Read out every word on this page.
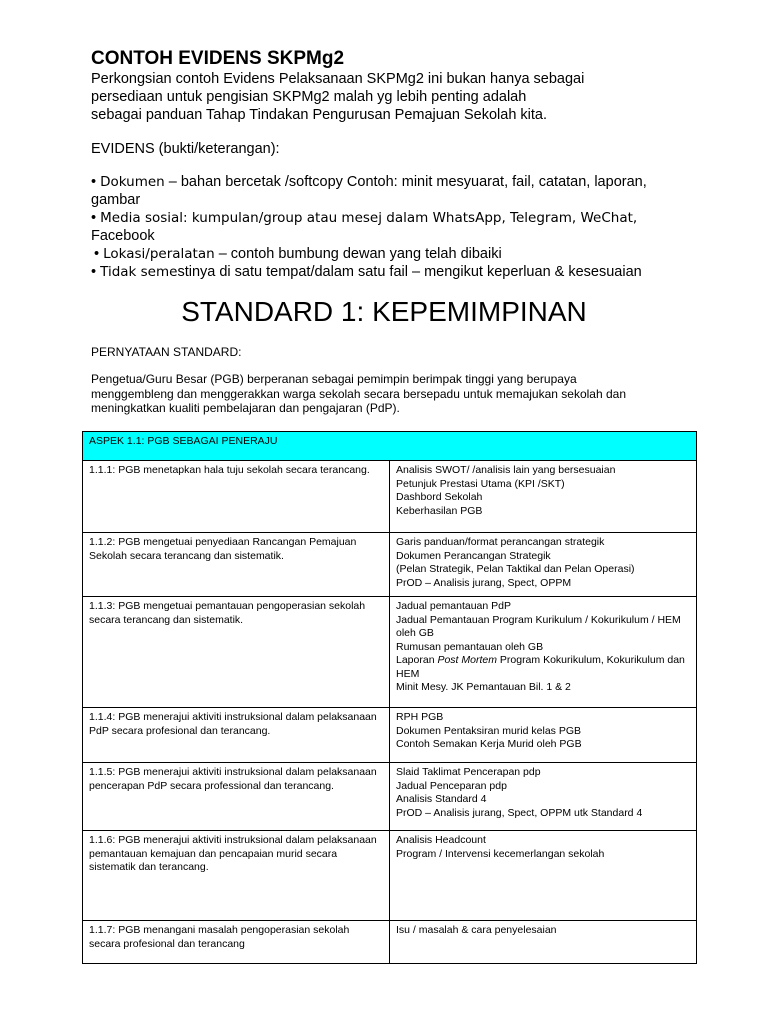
CONTOH EVIDENS SKPMg2

Perkongsian contoh Evidens Pelaksanaan SKPMg2 ini bukan hanya sebagai
persediaan untuk pengisian SKPMg2 malah yg lebih penting adalah
sebagai panduan Tahap Tindakan Pengurusan Pemajuan Sekolah kita.

EVIDENS (bukti/keterangan):

• Dokumen – bahan bercetak /softcopy Contoh: minit mesyuarat, fail, catatan, laporan,
gambar
• Media sosial: kumpulan/group atau mesej dalam WhatsApp, Telegram, WeChat,
Facebook
• Lokasi/peralatan – contoh bumbung dewan yang telah dibaiki
• Tidak semestinya di satu tempat/dalam satu fail – mengikut keperluan & kesesuaian
STANDARD 1: KEPEMIMPINAN

PERNYATAAN STANDARD:

Pengetua/Guru Besar (PGB) berperanan sebagai pemimpin berimpak tinggi yang berupaya
menggembleng dan menggerakkan warga sekolah secara bersepadu untuk memajukan sekolah dan
meningkatkan kualiti pembelajaran dan pengajaran (PdP).

ASPEK 1.1: PGB SEBAGAI PENERAJU	
1.1.1: PGB menetapkan hala tuju sekolah secara terancang.	Analisis SWOT/ /analisis lain yang bersesuaian
Petunjuk Prestasi Utama (KPI /SKT)
Dashbord Sekolah
Keberhasilan PGB

1.1.2: PGB mengetuai penyediaan Rancangan Pemajuan Sekolah secara terancang dan sistematik.	Garis panduan/format perancangan strategik
Dokumen Perancangan Strategik
(Pelan Strategik, Pelan Taktikal dan Pelan Operasi)
PrOD – Analisis jurang, Spect, OPPM

1.1.3: PGB mengetuai pemantauan pengoperasian sekolah secara terancang dan sistematik.	Jadual pemantauan PdP
Jadual Pemantauan Program Kurikulum / Kokurikulum / HEM oleh GB
Rumusan pemantauan oleh GB
Laporan Post Mortem Program Kokurikulum, Kokurikulum dan HEM
Minit Mesy. JK Pemantauan Bil. 1 & 2

1.1.4: PGB menerajui aktiviti instruksional dalam pelaksanaan PdP secara profesional dan terancang.	RPH PGB
Dokumen Pentaksiran murid kelas PGB
Contoh Semakan Kerja Murid oleh PGB

1.1.5: PGB menerajui aktiviti instruksional dalam pelaksanaan pencerapan PdP secara professional dan terancang.	Slaid Taklimat Pencerapan pdp
Jadual Penceparan pdp
Analisis Standard 4
PrOD – Analisis jurang, Spect, OPPM utk Standard 4

1.1.6: PGB menerajui aktiviti instruksional dalam pelaksanaan pemantauan kemajuan dan pencapaian murid secara sistematik dan terancang.	Analisis Headcount
Program / Intervensi kecemerlangan sekolah

1.1.7: PGB menangani masalah pengoperasian sekolah secara profesional dan terancang	Isu / masalah & cara penyelesaian
